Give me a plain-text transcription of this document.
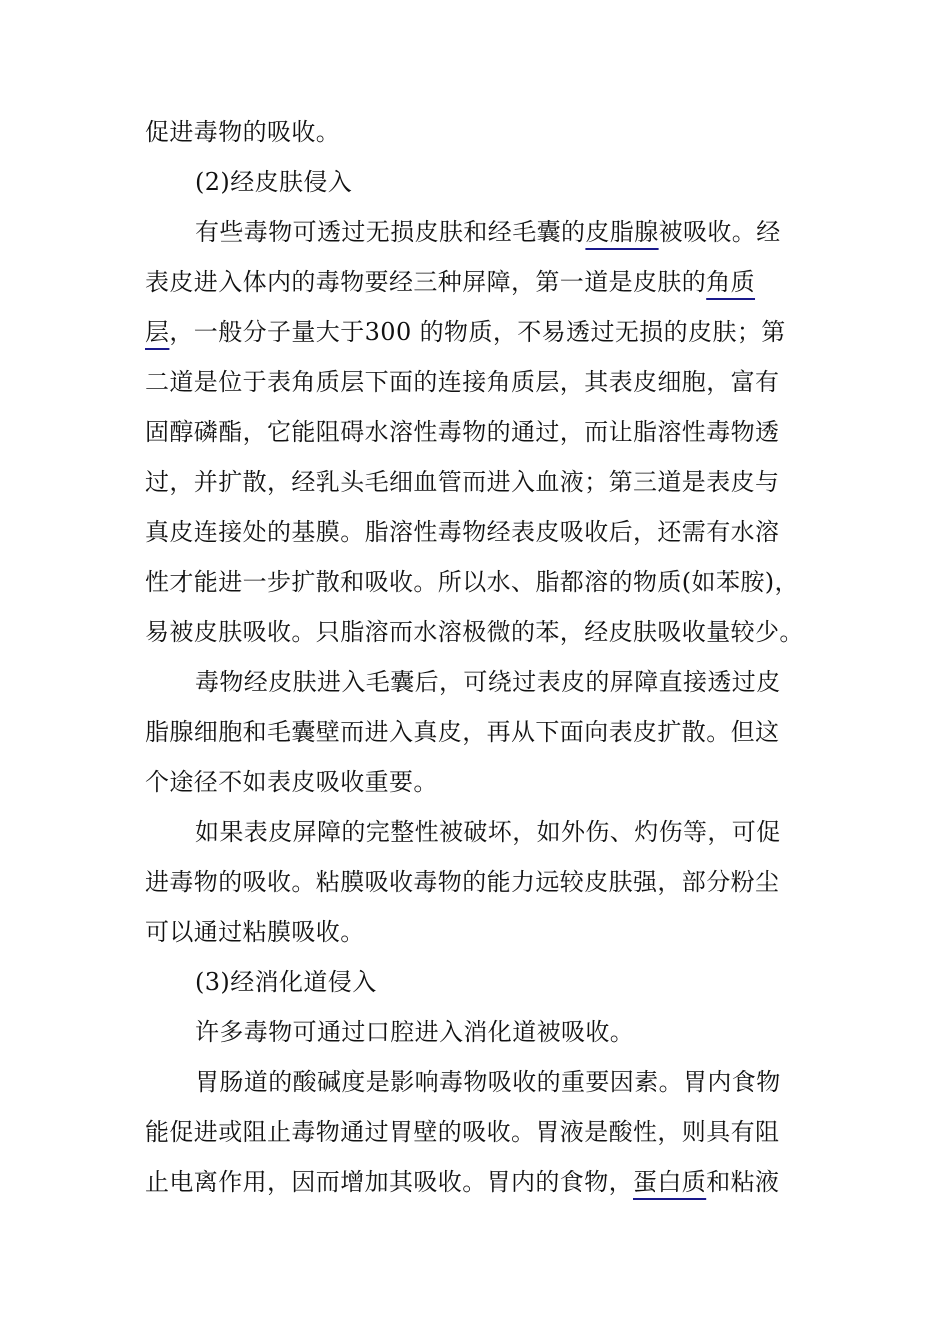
促进毒物的吸收。
(2)经皮肤侵入
有些毒物可透过无损皮肤和经毛囊的皮脂腺被吸收。经
表皮进入体内的毒物要经三种屏障，第一道是皮肤的角质
层，一般分子量大于300 的物质，不易透过无损的皮肤；第
二道是位于表角质层下面的连接角质层，其表皮细胞，富有
固醇磷酯，它能阻碍水溶性毒物的通过，而让脂溶性毒物透
过，并扩散，经乳头毛细血管而进入血液；第三道是表皮与
真皮连接处的基膜。脂溶性毒物经表皮吸收后，还需有水溶
性才能进一步扩散和吸收。所以水、脂都溶的物质(如苯胺)，
易被皮肤吸收。只脂溶而水溶极微的苯，经皮肤吸收量较少。
毒物经皮肤进入毛囊后，可绕过表皮的屏障直接透过皮
脂腺细胞和毛囊壁而进入真皮，再从下面向表皮扩散。但这
个途径不如表皮吸收重要。
如果表皮屏障的完整性被破坏，如外伤、灼伤等，可促
进毒物的吸收。粘膜吸收毒物的能力远较皮肤强，部分粉尘
可以通过粘膜吸收。
(3)经消化道侵入
许多毒物可通过口腔进入消化道被吸收。
胃肠道的酸碱度是影响毒物吸收的重要因素。胃内食物
能促进或阻止毒物通过胃壁的吸收。胃液是酸性，则具有阻
止电离作用，因而增加其吸收。胃内的食物，蛋白质和粘液
